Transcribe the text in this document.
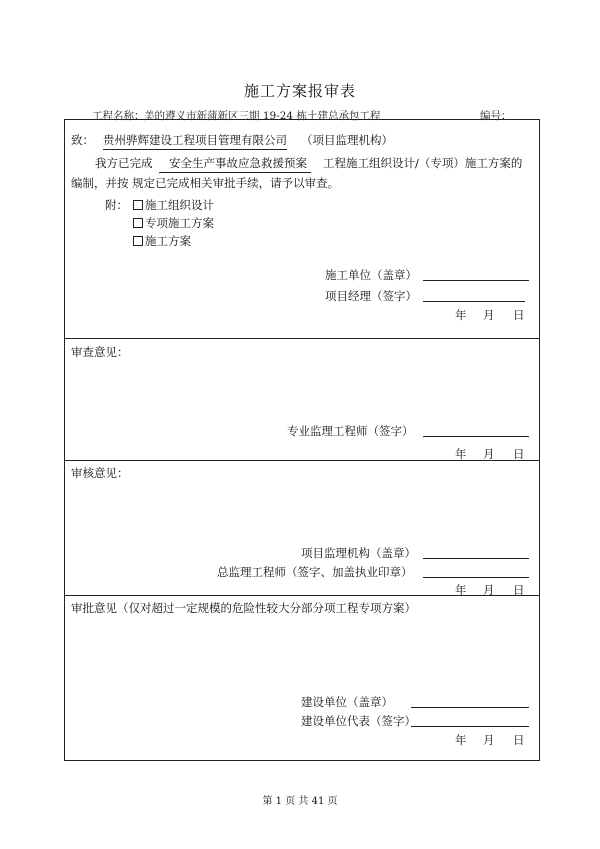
施工方案报审表
工程名称： 美的遵义市新蒲新区三期 19-24 栋土建总承包工程	编号：
致： 贵州骅辉建设工程项目管理有限公司 （项目监理机构）
我方已完成	安全生产事故应急救援预案	工程施工组织设计/（专项）施工方案的
编制，并按 规定已完成相关审批手续，请予以审查。
附：	施工组织设计
专项施工方案
施工方案
施工单位（盖章）
项目经理（签字）
年 月 日
审查意见：
专业监理工程师（签字）
年 月 日
审核意见：
项目监理机构（盖章）
总监理工程师（签字、加盖执业印章）
年 月 日
审批意见（仅对超过一定规模的危险性较大分部分项工程专项方案）
建设单位（盖章）
建设单位代表（签字）
年 月 日
第 1 页 共 41 页
